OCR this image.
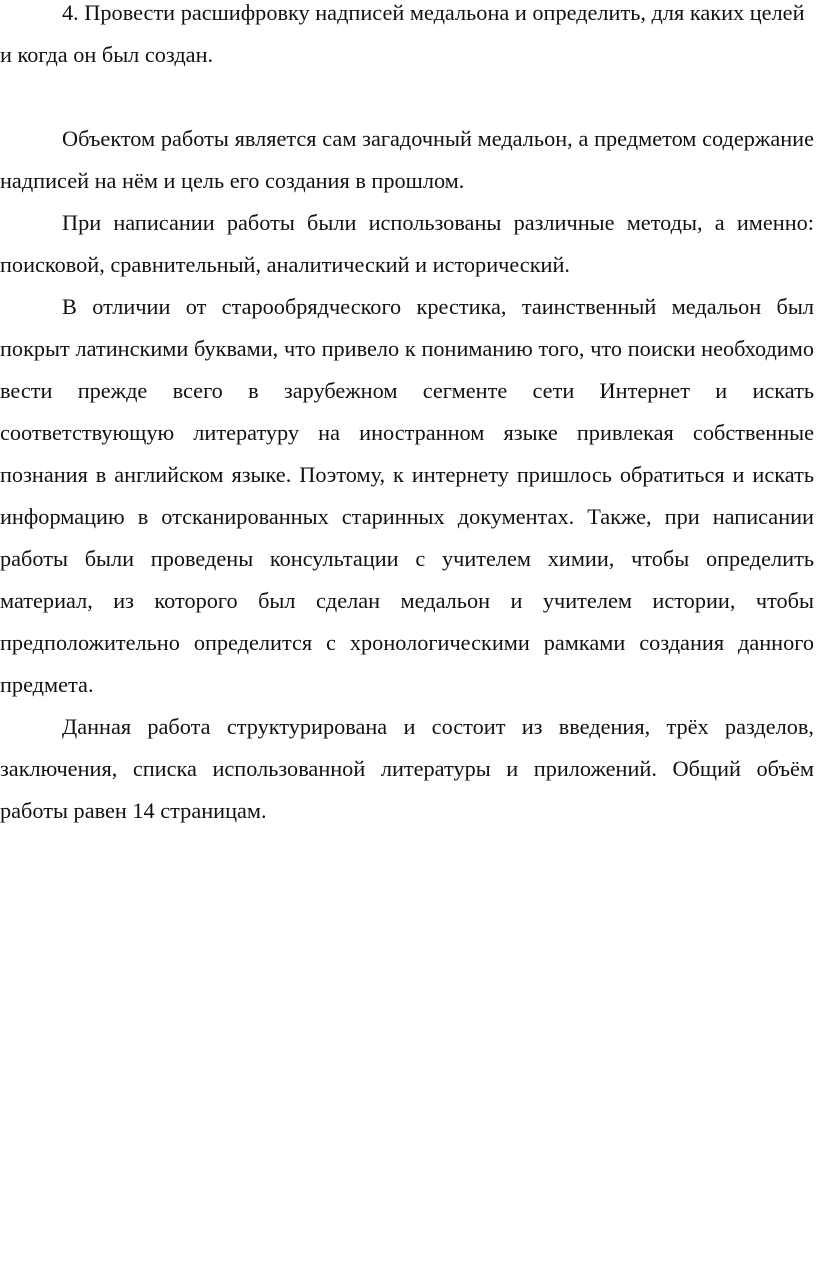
4. Провести расшифровку надписей медальона и определить, для каких целей и когда он был создан.

Объектом работы является сам загадочный медальон, а предметом содержание надписей на нём и цель его создания в прошлом.

При написании работы были использованы различные методы, а именно: поисковой, сравнительный, аналитический и исторический.

В отличии от старообрядческого крестика, таинственный медальон был покрыт латинскими буквами, что привело к пониманию того, что поиски необходимо вести прежде всего в зарубежном сегменте сети Интернет и искать соответствующую литературу на иностранном языке привлекая собственные познания в английском языке. Поэтому, к интернету пришлось обратиться и искать информацию в отсканированных старинных документах. Также, при написании работы были проведены консультации с учителем химии, чтобы определить материал, из которого был сделан медальон и учителем истории, чтобы предположительно определится с хронологическими рамками создания данного предмета.

Данная работа структурирована и состоит из введения, трёх разделов, заключения, списка использованной литературы и приложений. Общий объём работы равен 14 страницам.
